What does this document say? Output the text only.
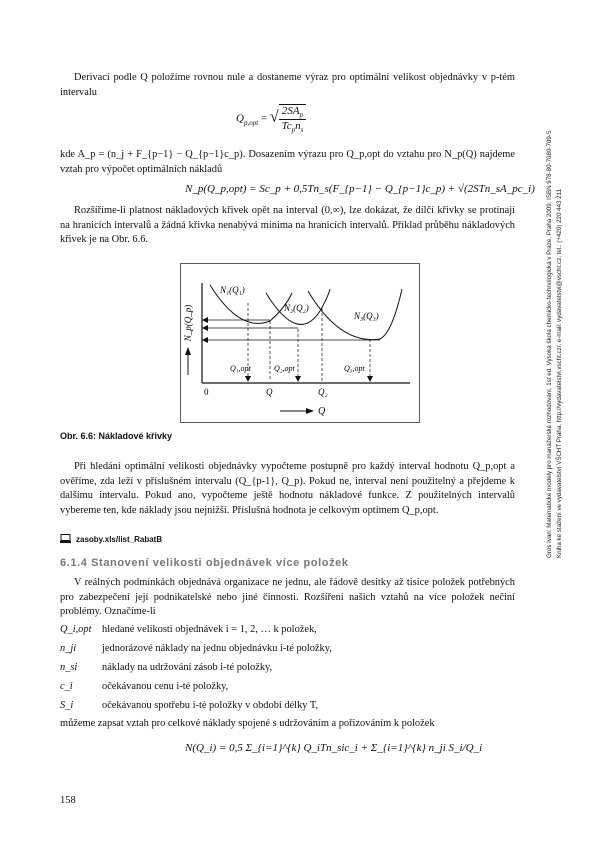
Gros Ivan: Matematické modely pro manažerské rozhodování, 1st ed. Vysoká škola chemicko-technologická v Praze, Praha 2009, ISBN 978-80-7080-709-5 Kniha ke stažení ve vydavatelství VŠCHT Praha, http://vydavatelstvi.vscht.cz/, e-mail: vydavatelstvi@vscht.cz, tel.: (+420) 220 443 211
Derivací podle Q položíme rovnou nule a dostaneme výraz pro optimální velikost objednávky v p-tém intervalu
$Q_{p,opt}$ = √ $\frac{2SA_p}{Tc_pn_s}$
kde A_p = (n_j + F_{p−1} − Q_{p−1}c_p). Dosazením výrazu pro Q_p,opt do vztahu pro N_p(Q) najdeme vztah pro výpočet optimálních nákladů
N_p(Q_p,opt) = Sc_p + 0,5Tn_s(F_{p−1} − Q_{p−1}c_p) + √(2STn_sA_pc_i)
Rozšíříme-li platnost nákladových křivek opět na interval (0,∞), lze dokázat, že dílčí křivky se protínají na hranicích intervalů a žádná křivka nenabývá minima na hranicích intervalů. Příklad průběhu nákladových křivek je na Obr. 6.6.
N_p(Q_p)
N₁(Q₁)
N₂(Q₂)
N₃(Q₃)
Q₁,opt	Q₂,opt	Q₃,opt
0	Q	Q₂
Q
Obr. 6.6: Nákladové křivky
Při hledání optimální velikosti objednávky vypočteme postupně pro každý interval hodnotu Q_p,opt a ověříme, zda leží v příslušném intervalu (Q_{p-1}, Q_p). Pokud ne, interval není použitelný a přejdeme k dalšímu intervalu. Pokud ano, vypočteme ještě hodnotu nákladové funkce. Z použitelných intervalů vybereme ten, kde náklady jsou nejnižší. Příslušná hodnota je celkovým optimem Q_p,opt.
zasoby.xls/list_RabatB
6.1.4 Stanovení velikosti objednávek více položek
V reálných podmínkách objednává organizace ne jednu, ale řádově desítky až tisíce položek potřebných pro zabezpečení její podnikatelské nebo jiné činnosti. Rozšíření našich vztahů na více položek nečiní problémy. Označíme-li
Q_i,opt	hledané velikosti objednávek i = 1, 2, … k položek,
n_ji	jednorázové náklady na jednu objednávku i-té položky,
n_si	náklady na udržování zásob i-té položky,
c_i	očekávanou cenu i-té položky,
S_i	očekávanou spotřebu i-té položky v období délky T,
můžeme zapsat vztah pro celkové náklady spojené s udržováním a pořizováním k položek
N(Q_i) = 0,5 Σ_{i=1}^{k} Q_iTn_sic_i + Σ_{i=1}^{k} n_ji S_i/Q_i
158
